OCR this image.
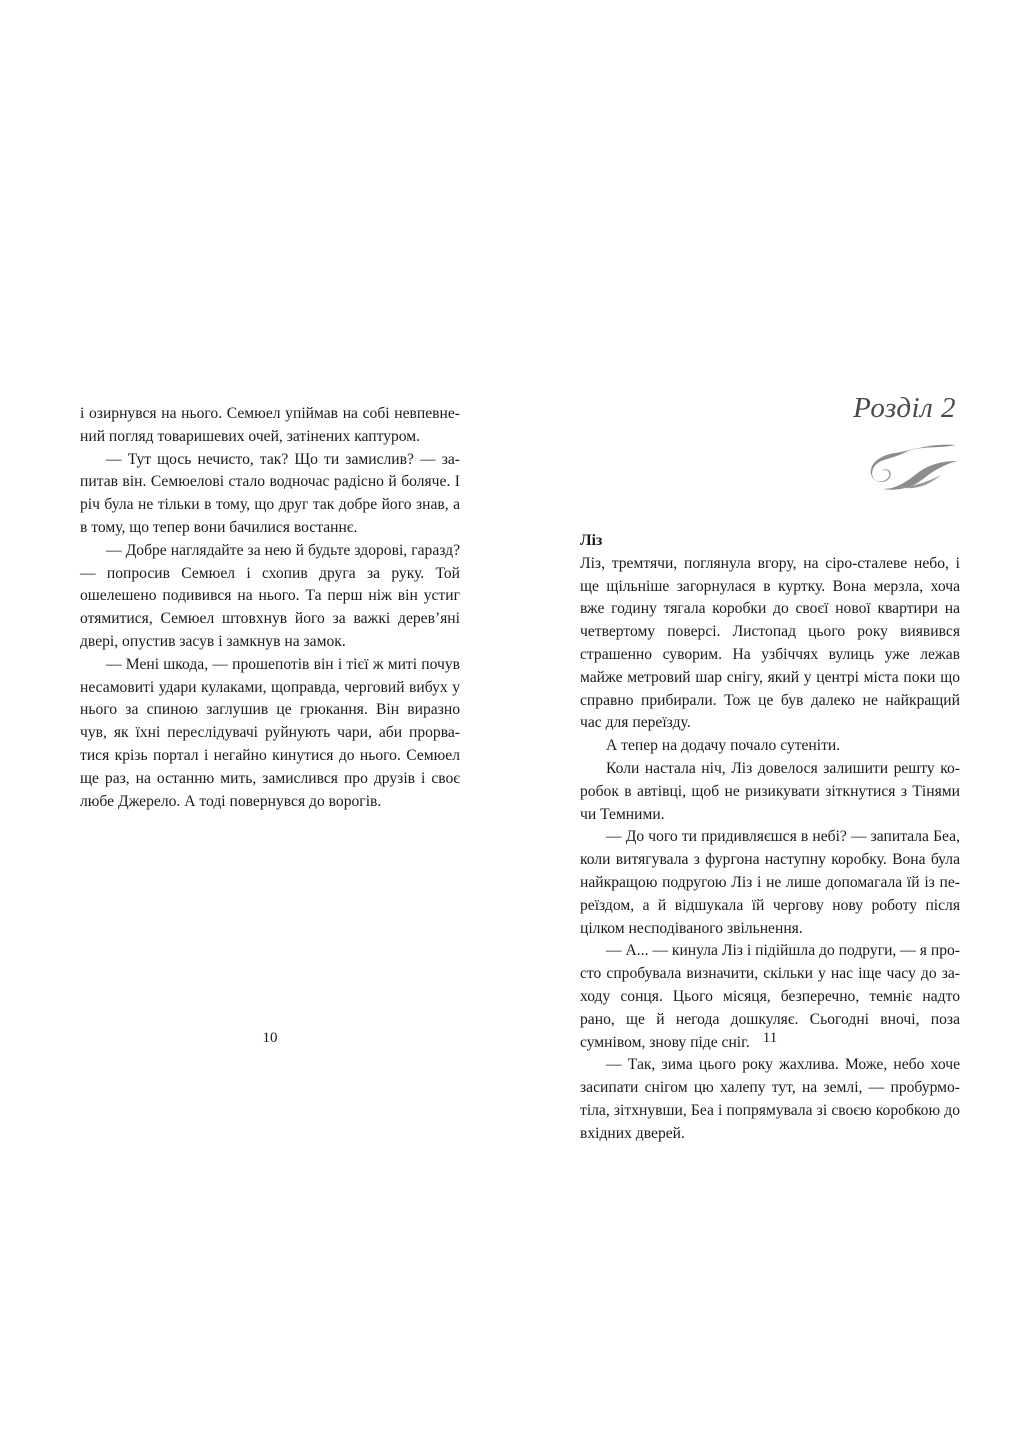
і озирнувся на нього. Семюел упіймав на собі невпевнений погляд товаришевих очей, затінених каптуром.

— Тут щось нечисто, так? Що ти замислив? — запитав він. Семюелові стало водночас радісно й боляче. І річ була не тільки в тому, що друг так добре його знав, а в тому, що тепер вони бачилися востаннє.

— Добре наглядайте за нею й будьте здорові, гаразд? — попросив Семюел і схопив друга за руку. Той ошелешено подивився на нього. Та перш ніж він устиг отямитися, Семюел штовхнув його за важкі дерев’яні двері, опустив засув і замкнув на замок.

— Мені шкода, — прошепотів він і тієї ж миті почув несамовиті удари кулаками, щоправда, черговий вибух у нього за спиною заглушив це грюкання. Він виразно чув, як їхні переслідувачі руйнують чари, аби прорватися крізь портал і негайно кинутися до нього. Семюел ще раз, на останню мить, замислився про друзів і своє любе Джерело. А тоді повернувся до ворогів.

10
Розділ 2
Ліз

Ліз, тремтячи, поглянула вгору, на сіро-сталеве небо, і ще щільніше загорнулася в куртку. Вона мерзла, хоча вже годину тягала коробки до своєї нової квартири на четвертому поверсі. Листопад цього року виявився страшенно суворим. На узбіччях вулиць уже лежав майже метровий шар снігу, який у центрі міста поки що справно прибирали. Тож це був далеко не найкращий час для переїзду.

А тепер на додачу почало сутеніти.

Коли настала ніч, Ліз довелося залишити решту коробок в автівці, щоб не ризикувати зіткнутися з Тінями чи Темними.

— До чого ти придивляєшся в небі? — запитала Беа, коли витягувала з фургона наступну коробку. Вона була найкращою подругою Ліз і не лише допомагала їй із переїздом, а й відшукала їй чергову нову роботу після цілком несподіваного звільнення.

— А... — кинула Ліз і підійшла до подруги, — я просто спробувала визначити, скільки у нас іще часу до заходу сонця. Цього місяця, безперечно, темніє надто рано, ще й негода дошкуляє. Сьогодні вночі, поза сумнівом, знову піде сніг.

— Так, зима цього року жахлива. Може, небо хоче засипати снігом цю халепу тут, на землі, — пробурмотіла, зітхнувши, Беа і попрямувала зі своєю коробкою до вхідних дверей.

11
